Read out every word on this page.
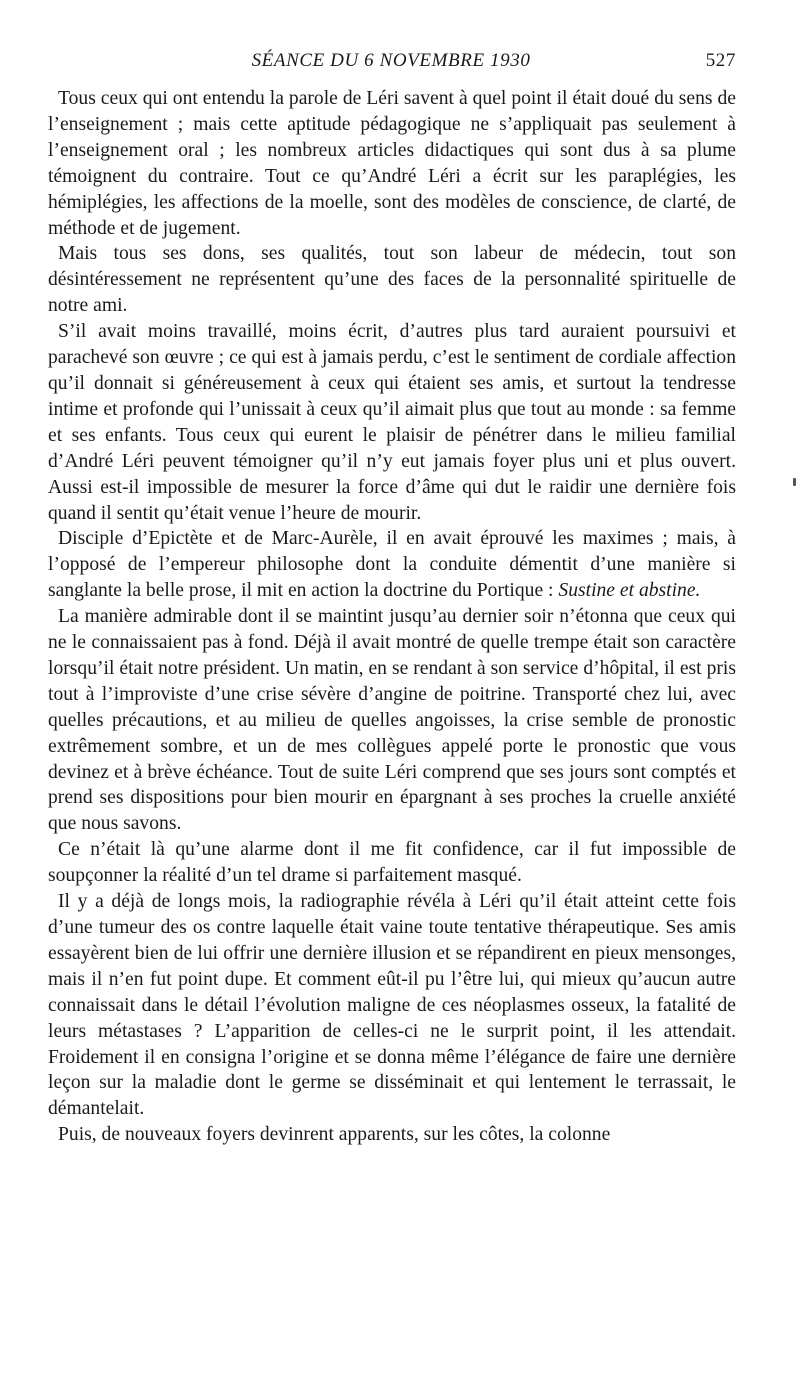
SÉANCE DU 6 NOVEMBRE 1930	527

Tous ceux qui ont entendu la parole de Léri savent à quel point il était doué du sens de l’enseignement ; mais cette aptitude pédagogique ne s’appliquait pas seulement à l’enseignement oral ; les nombreux articles didactiques qui sont dus à sa plume témoignent du contraire. Tout ce qu’André Léri a écrit sur les paraplégies, les hémiplégies, les affections de la moelle, sont des modèles de conscience, de clarté, de méthode et de jugement.

Mais tous ses dons, ses qualités, tout son labeur de médecin, tout son désintéressement ne représentent qu’une des faces de la personnalité spirituelle de notre ami.

S’il avait moins travaillé, moins écrit, d’autres plus tard auraient poursuivi et parachevé son œuvre ; ce qui est à jamais perdu, c’est le sentiment de cordiale affection qu’il donnait si généreusement à ceux qui étaient ses amis, et surtout la tendresse intime et profonde qui l’unissait à ceux qu’il aimait plus que tout au monde : sa femme et ses enfants. Tous ceux qui eurent le plaisir de pénétrer dans le milieu familial d’André Léri peuvent témoigner qu’il n’y eut jamais foyer plus uni et plus ouvert. Aussi est-il impossible de mesurer la force d’âme qui dut le raidir une dernière fois quand il sentit qu’était venue l’heure de mourir.

Disciple d’Epictète et de Marc-Aurèle, il en avait éprouvé les maximes ; mais, à l’opposé de l’empereur philosophe dont la conduite démentit d’une manière si sanglante la belle prose, il mit en action la doctrine du Portique : Sustine et abstine.

La manière admirable dont il se maintint jusqu’au dernier soir n’étonna que ceux qui ne le connaissaient pas à fond. Déjà il avait montré de quelle trempe était son caractère lorsqu’il était notre président. Un matin, en se rendant à son service d’hôpital, il est pris tout à l’improviste d’une crise sévère d’angine de poitrine. Transporté chez lui, avec quelles précautions, et au milieu de quelles angoisses, la crise semble de pronostic extrêmement sombre, et un de mes collègues appelé porte le pronostic que vous devinez et à brève échéance. Tout de suite Léri comprend que ses jours sont comptés et prend ses dispositions pour bien mourir en épargnant à ses proches la cruelle anxiété que nous savons.

Ce n’était là qu’une alarme dont il me fit confidence, car il fut impossible de soupçonner la réalité d’un tel drame si parfaitement masqué.

Il y a déjà de longs mois, la radiographie révéla à Léri qu’il était atteint cette fois d’une tumeur des os contre laquelle était vaine toute tentative thérapeutique. Ses amis essayèrent bien de lui offrir une dernière illusion et se répandirent en pieux mensonges, mais il n’en fut point dupe. Et comment eût-il pu l’être lui, qui mieux qu’aucun autre connaissait dans le détail l’évolution maligne de ces néoplasmes osseux, la fatalité de leurs métastases ? L’apparition de celles-ci ne le surprit point, il les attendait. Froidement il en consigna l’origine et se donna même l’élégance de faire une dernière leçon sur la maladie dont le germe se disséminait et qui lentement le terrassait, le démantelait.

Puis, de nouveaux foyers devinrent apparents, sur les côtes, la colonne
